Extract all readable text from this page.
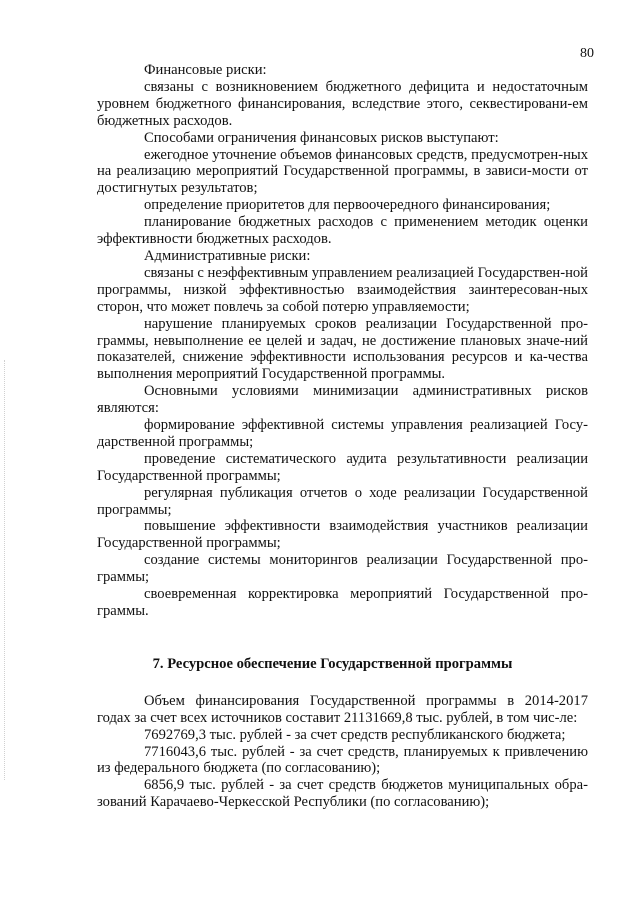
80

Финансовые риски:

связаны с возникновением бюджетного дефицита и недостаточным уровнем бюджетного финансирования, вследствие этого, секвестировани-ем бюджетных расходов.

Способами ограничения финансовых рисков выступают:

ежегодное уточнение объемов финансовых средств, предусмотрен-ных на реализацию мероприятий Государственной программы, в зависи-мости от достигнутых результатов;

определение приоритетов для первоочередного финансирования;

планирование бюджетных расходов с применением методик оценки эффективности бюджетных расходов.

Административные риски:

связаны с неэффективным управлением реализацией Государствен-ной программы, низкой эффективностью взаимодействия заинтересован-ных сторон, что может повлечь за собой потерю управляемости;

нарушение планируемых сроков реализации Государственной про-граммы, невыполнение ее целей и задач, не достижение плановых значе-ний показателей, снижение эффективности использования ресурсов и ка-чества выполнения мероприятий Государственной программы.

Основными условиями минимизации административных рисков являются:

формирование эффективной системы управления реализацией Госу-дарственной программы;

проведение систематического аудита результативности реализации Государственной программы;

регулярная публикация отчетов о ходе реализации Государственной программы;

повышение эффективности взаимодействия участников реализации Государственной программы;

создание системы мониторингов реализации Государственной про-граммы;

своевременная корректировка мероприятий Государственной про-граммы.

7. Ресурсное обеспечение Государственной программы

Объем финансирования Государственной программы в 2014-2017 годах за счет всех источников составит 21131669,8 тыс. рублей, в том чис-ле:

7692769,3 тыс. рублей - за счет средств республиканского бюджета;

7716043,6 тыс. рублей - за счет средств, планируемых к привлечению из федерального бюджета (по согласованию);

6856,9 тыс. рублей - за счет средств бюджетов муниципальных обра-зований Карачаево-Черкесской Республики (по согласованию);
